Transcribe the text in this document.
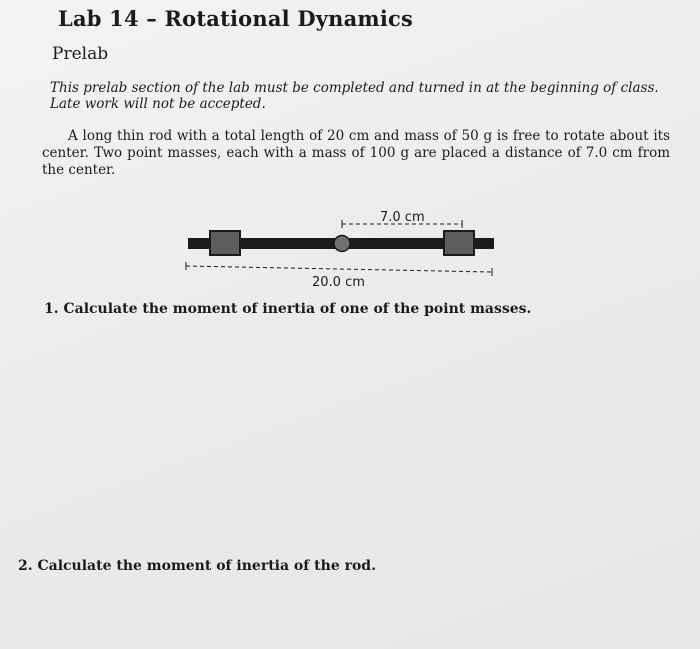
Lab 14 – Rotational Dynamics
Prelab

This prelab section of the lab must be completed and turned in at the beginning of class. Late work will not be accepted.

A long thin rod with a total length of 20 cm and mass of 50 g is free to rotate about its center. Two point masses, each with a mass of 100 g are placed a distance of 7.0 cm from the center.

7.0 cm
20.0 cm

1. Calculate the moment of inertia of one of the point masses.

2. Calculate the moment of inertia of the rod.
